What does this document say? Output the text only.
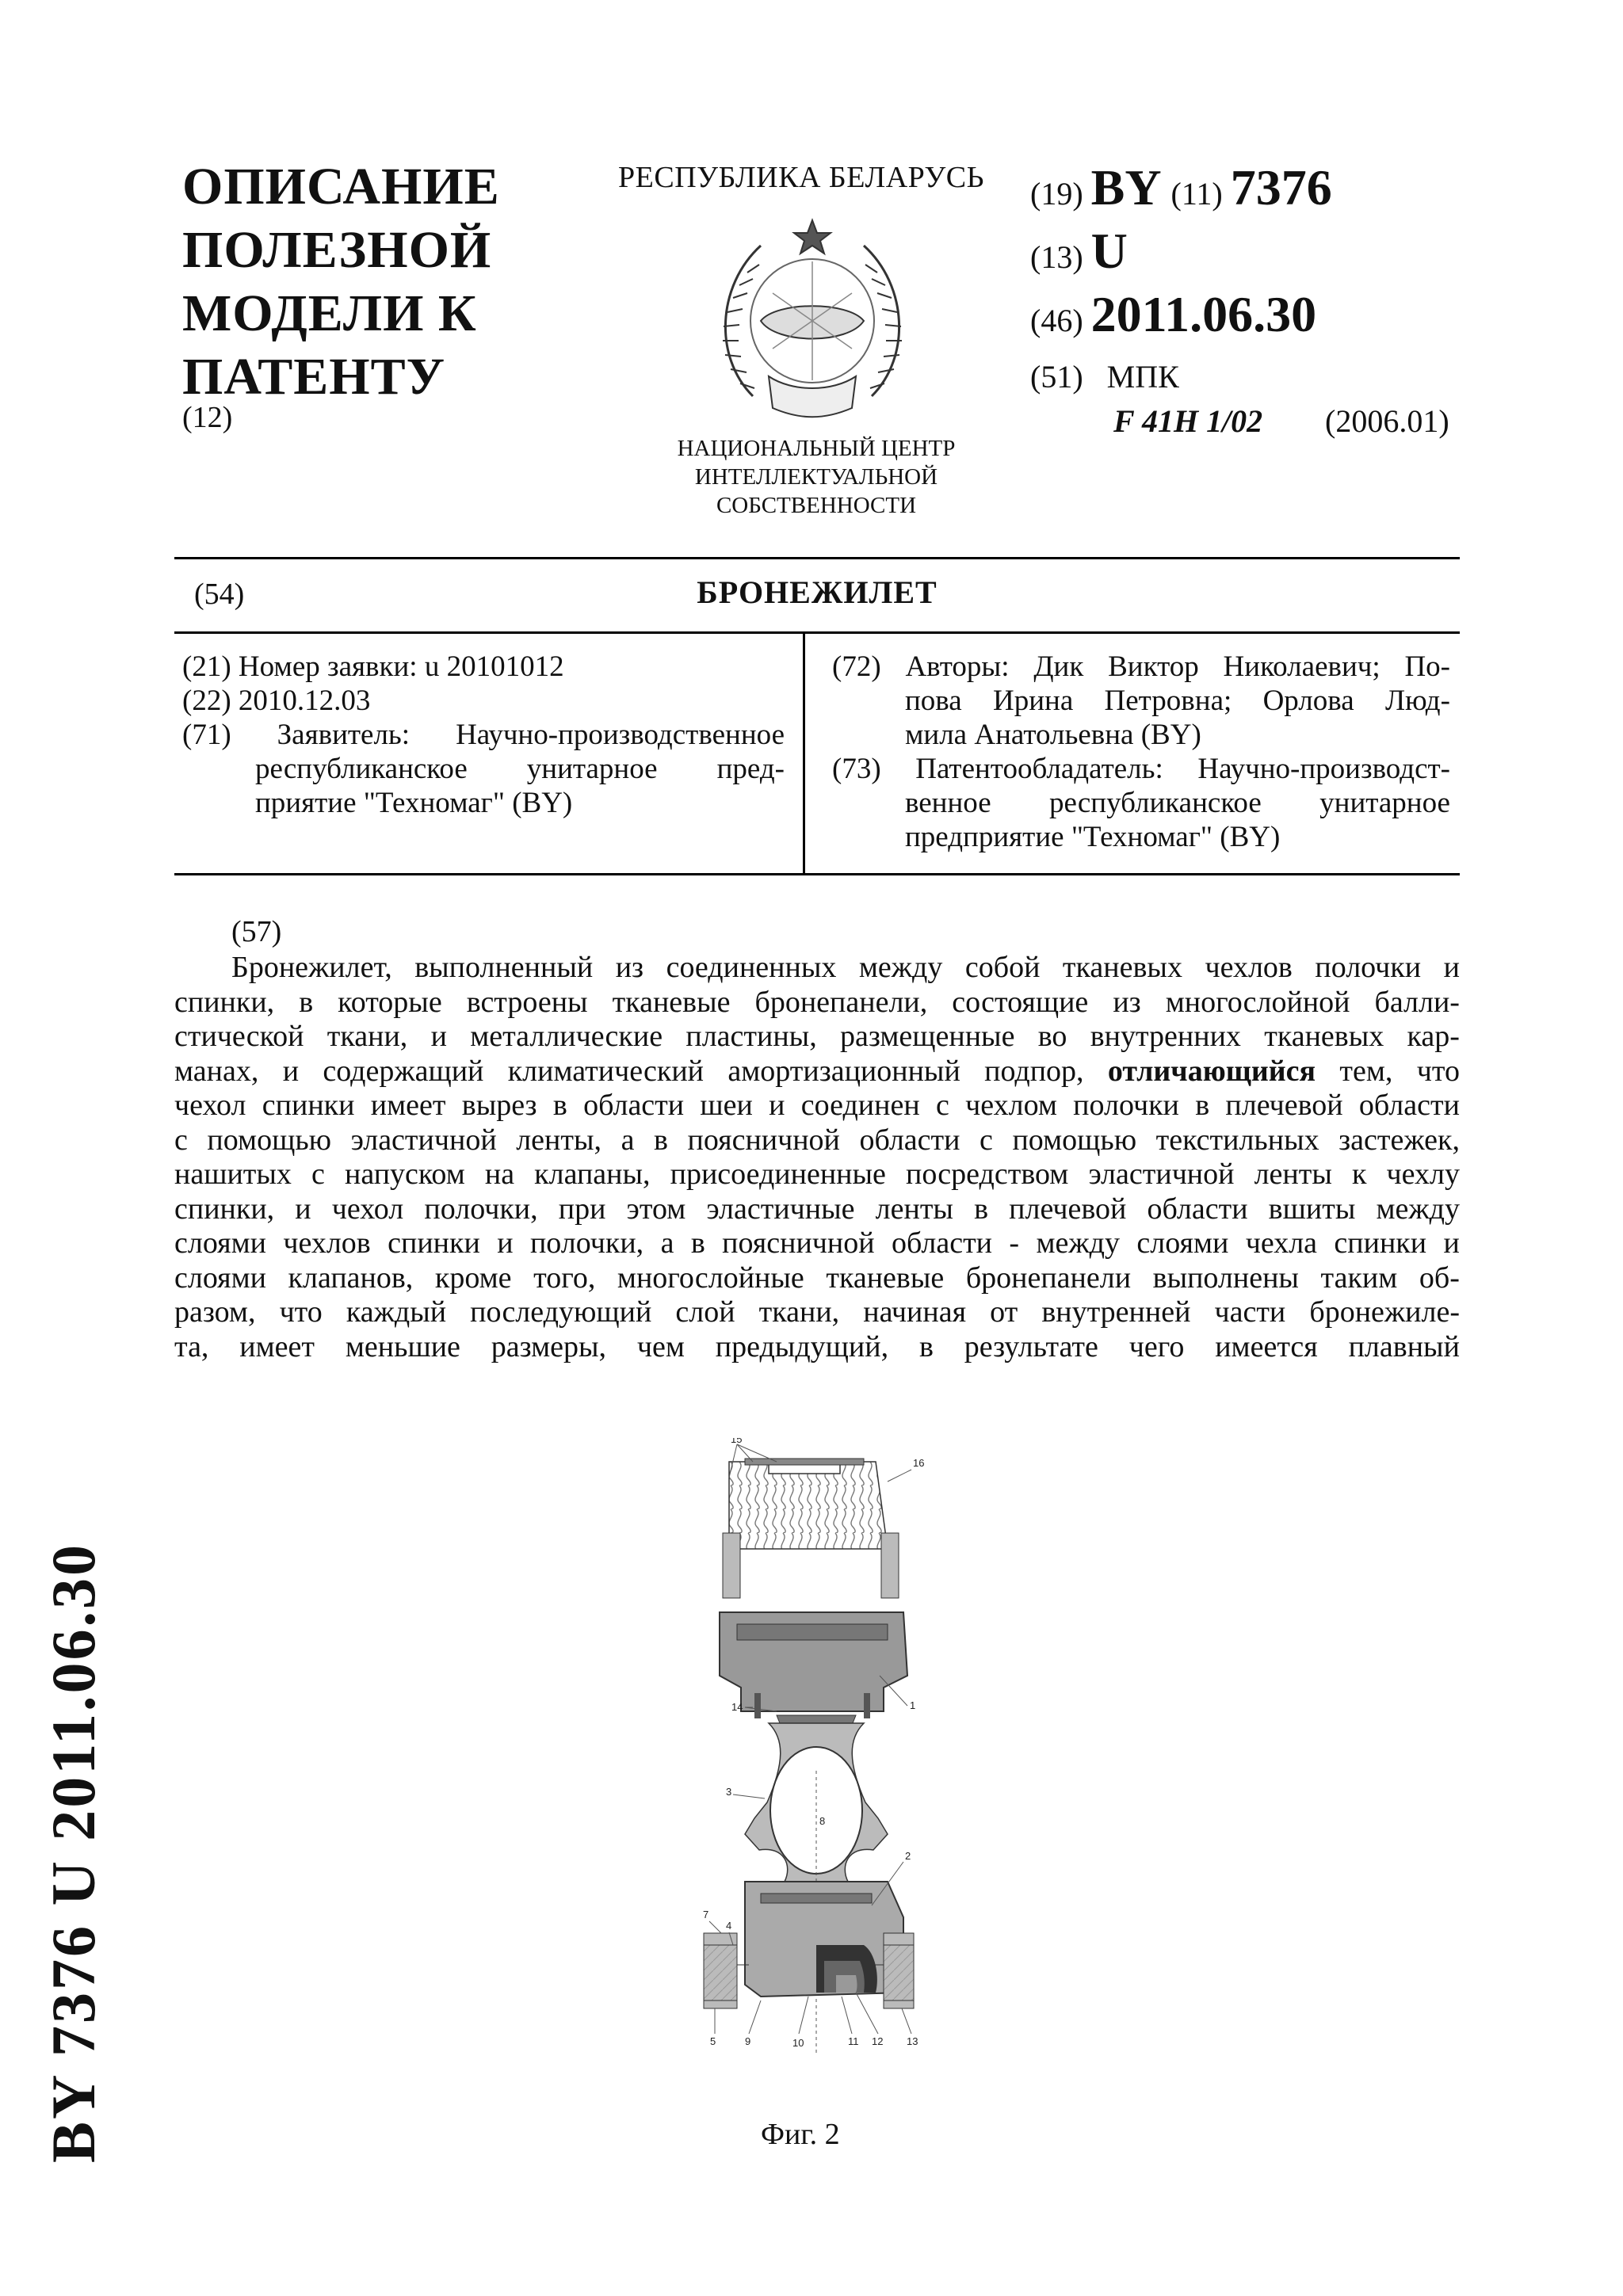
ОПИСАНИЕ
ПОЛЕЗНОЙ
МОДЕЛИ К
ПАТЕНТУ
(12)
РЕСПУБЛИКА БЕЛАРУСЬ
НАЦИОНАЛЬНЫЙ ЦЕНТР
ИНТЕЛЛЕКТУАЛЬНОЙ
СОБСТВЕННОСТИ
(19) BY (11) 7376
(13) U
(46) 2011.06.30
(51) МПК
F 41H 1/02 (2006.01)
(54)	БРОНЕЖИЛЕТ
(21) Номер заявки: u 20101012
(22) 2010.12.03
(71) Заявитель: Научно-производственное
республиканское унитарное пред-
приятие "Техномаг" (BY)
(72) Авторы: Дик Виктор Николаевич; По-
пова Ирина Петровна; Орлова Люд-
мила Анатольевна (BY)
(73) Патентообладатель: Научно-производст-
венное республиканское унитарное
предприятие "Техномаг" (BY)
(57)
Бронежилет, выполненный из соединенных между собой тканевых чехлов полочки и
спинки, в которые встроены тканевые бронепанели, состоящие из многослойной балли-
стической ткани, и металлические пластины, размещенные во внутренних тканевых кар-
манах, и содержащий климатический амортизационный подпор, отличающийся тем, что
чехол спинки имеет вырез в области шеи и соединен с чехлом полочки в плечевой области
с помощью эластичной ленты, а в поясничной области с помощью текстильных застежек,
нашитых с напуском на клапаны, присоединенные посредством эластичной ленты к чехлу
спинки, и чехол полочки, при этом эластичные ленты в плечевой области вшиты между
слоями чехлов спинки и полочки, а в поясничной области - между слоями чехла спинки и
слоями клапанов, кроме того, многослойные тканевые бронепанели выполнены таким об-
разом, что каждый последующий слой ткани, начиная от внутренней части бронежиле-
та, имеет меньшие размеры, чем предыдущий, в результате чего имеется плавный
15
16
14	1
3
8
2
7
4
5	9	10	11 12 13
Фиг. 2
BY 7376 U 2011.06.30
